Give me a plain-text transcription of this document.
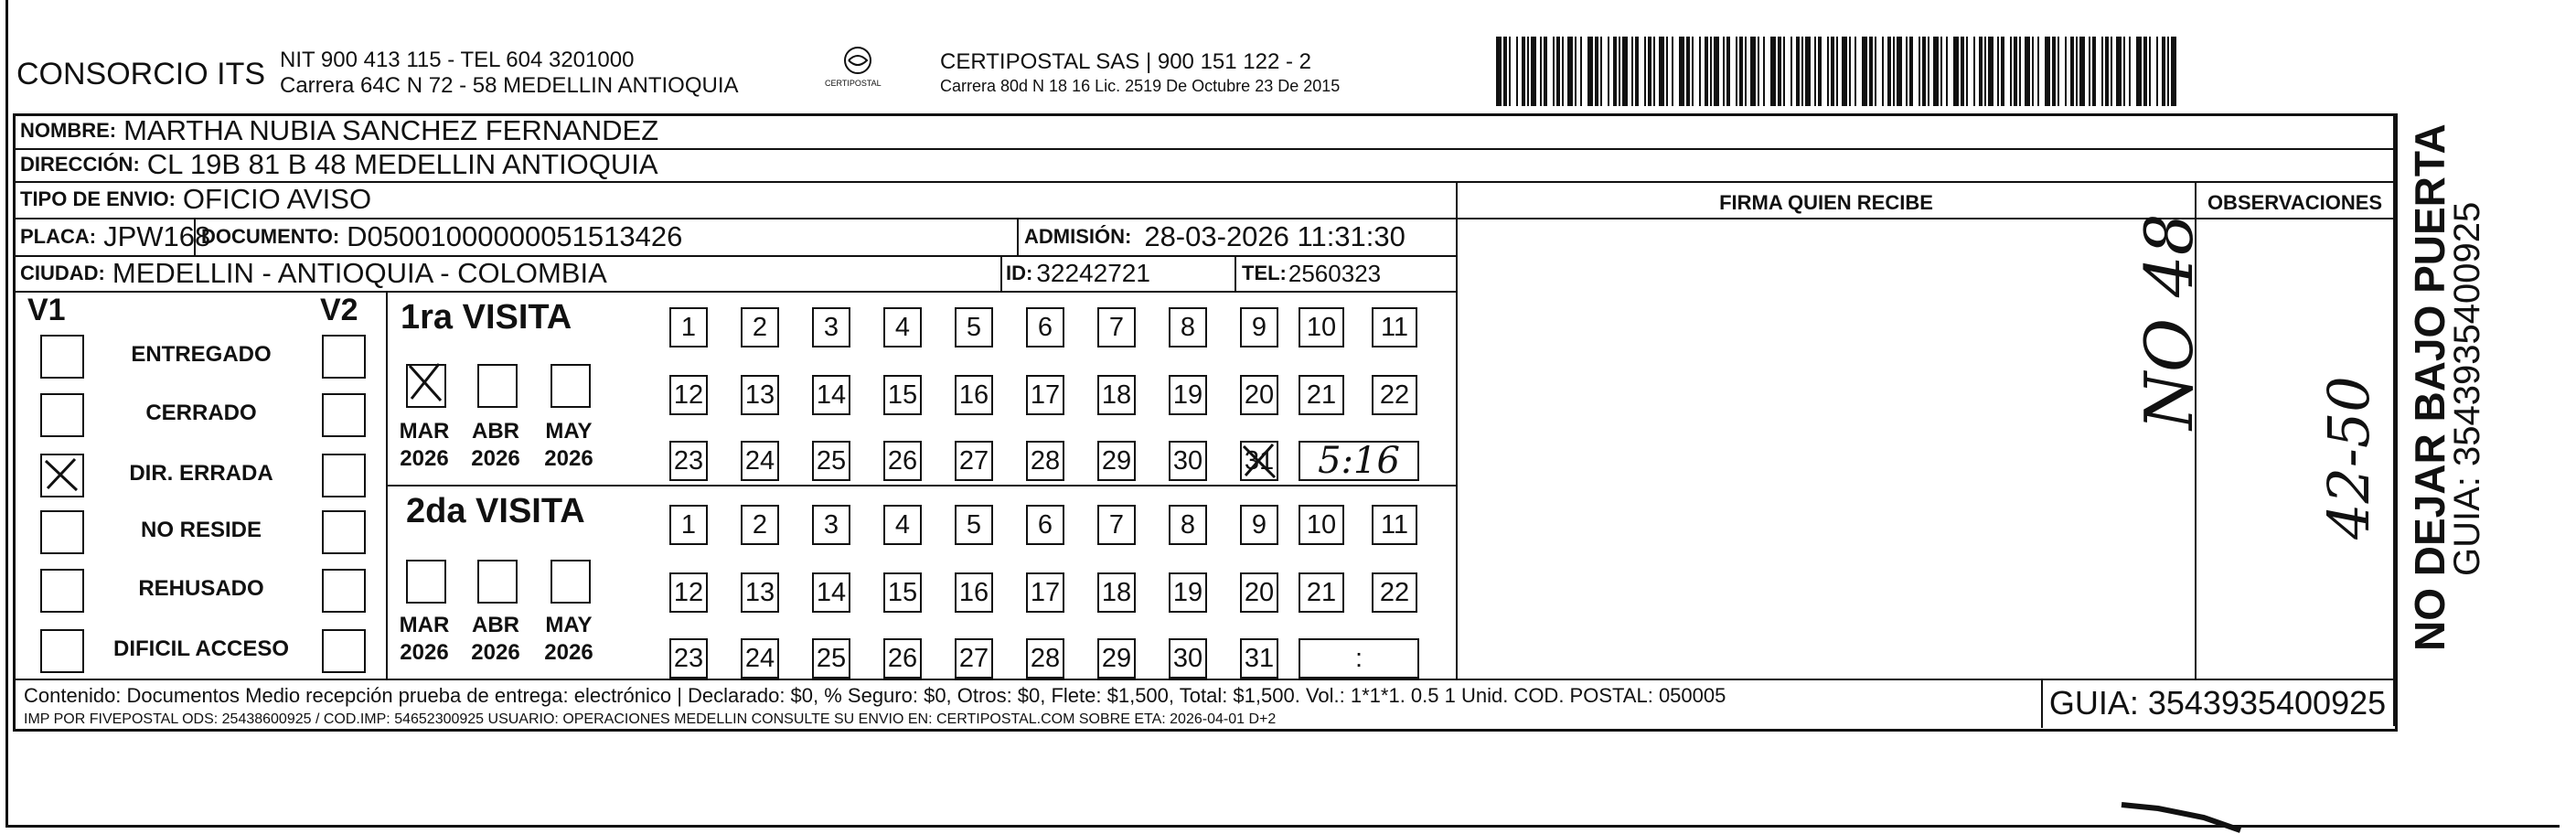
CONSORCIO ITS NIT 900 413 115 - TEL 604 3201000
Carrera 64C N 72 - 58 MEDELLIN ANTIOQUIA	CERTIPOSTAL
CERTIPOSTAL SAS | 900 151 122 - 2
Carrera 80d N 18 16 Lic. 2519 De Octubre 23 De 2015
NOMBRE: MARTHA NUBIA SANCHEZ FERNANDEZ
DIRECCIÓN: CL 19B 81 B 48 MEDELLIN ANTIOQUIA
TIPO DE ENVIO: OFICIO AVISO	FIRMA QUIEN RECIBE	OBSERVACIONES
PLACA: JPW168
DOCUMENTO: D05001000000051513426	ADMISIÓN: 28-03-2026 11:31:30
CIUDAD: MEDELLIN - ANTIOQUIA - COLOMBIA	ID: 32242721	TEL: 2560323
V1	V2 1ra VISITA
2da VISITA
NO 48
42-50 NO DEJAR BAJO PUERTA
GUIA: 3543935400925
Contenido: Documentos Medio recepción prueba de entrega: electrónico | Declarado: $0, % Seguro: $0, Otros: $0, Flete: $1,500, Total: $1,500. Vol.: 1*1*1. 0.5 1 Unid. COD. POSTAL: 050005
IMP POR FIVEPOSTAL ODS: 25438600925 / COD.IMP: 54652300925 USUARIO: OPERACIONES MEDELLIN CONSULTE SU ENVIO EN: CERTIPOSTAL.COM SOBRE ETA: 2026-04-01 D+2	GUIA: 3543935400925
ENTREGADO
CERRADO
DIR. ERRADA
NO RESIDE
REHUSADO
DIFICIL ACCESO
1	2	3	4	5	6	7	8	9	10	11
12 13 14 15 16 17 18 19 20	21	22
23 24 25 26 27 28 29 30 31	5:16
1	2	3	4	5	6	7	8	9	10	11
12 13 14 15 16 17 18 19 20	21	22
23 24 25 26 27 28 29 30 31	:
MAR
2026
MAR
2026
ABR
2026
ABR
2026
MAY
2026
MAY
2026
